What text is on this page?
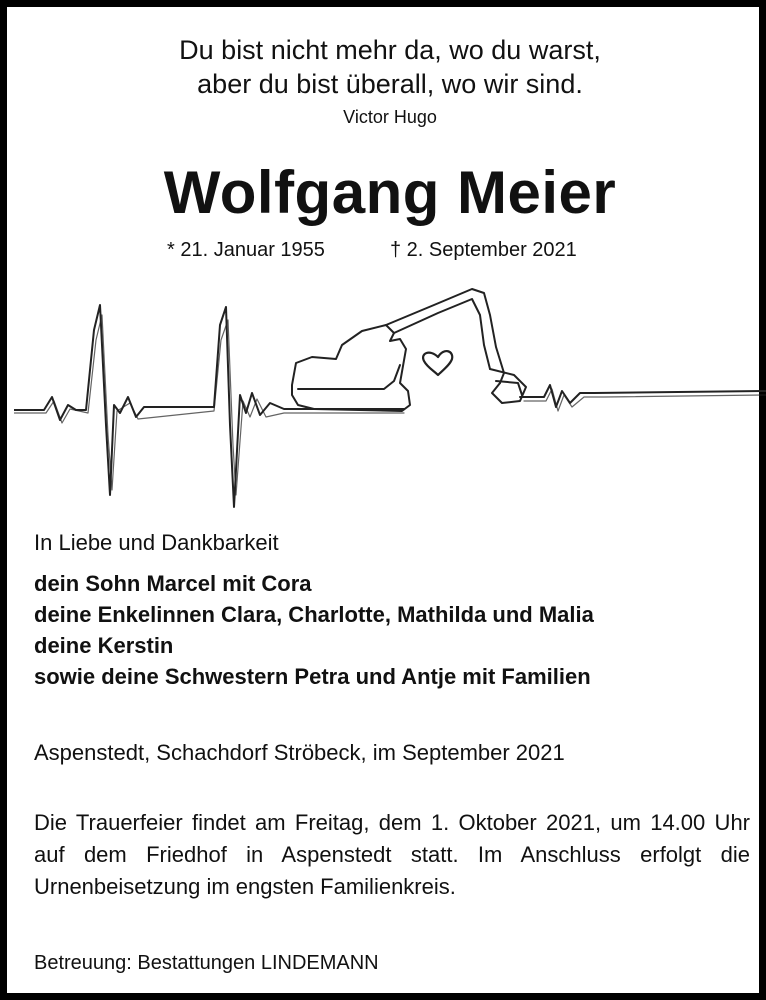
Du bist nicht mehr da, wo du warst,
aber du bist überall, wo wir sind.
Victor Hugo
Wolfgang Meier
* 21. Januar 1955	† 2. September 2021
In Liebe und Dankbarkeit
dein Sohn Marcel mit Cora
deine Enkelinnen Clara, Charlotte, Mathilda und Malia
deine Kerstin
sowie deine Schwestern Petra und Antje mit Familien
Aspenstedt, Schachdorf Ströbeck, im September 2021
Die Trauerfeier findet am Freitag, dem 1. Oktober 2021, um 14.00 Uhr auf dem Friedhof in Aspenstedt statt. Im Anschluss erfolgt die Urnenbeisetzung im engsten Familienkreis.
Betreuung: Bestattungen LINDEMANN
